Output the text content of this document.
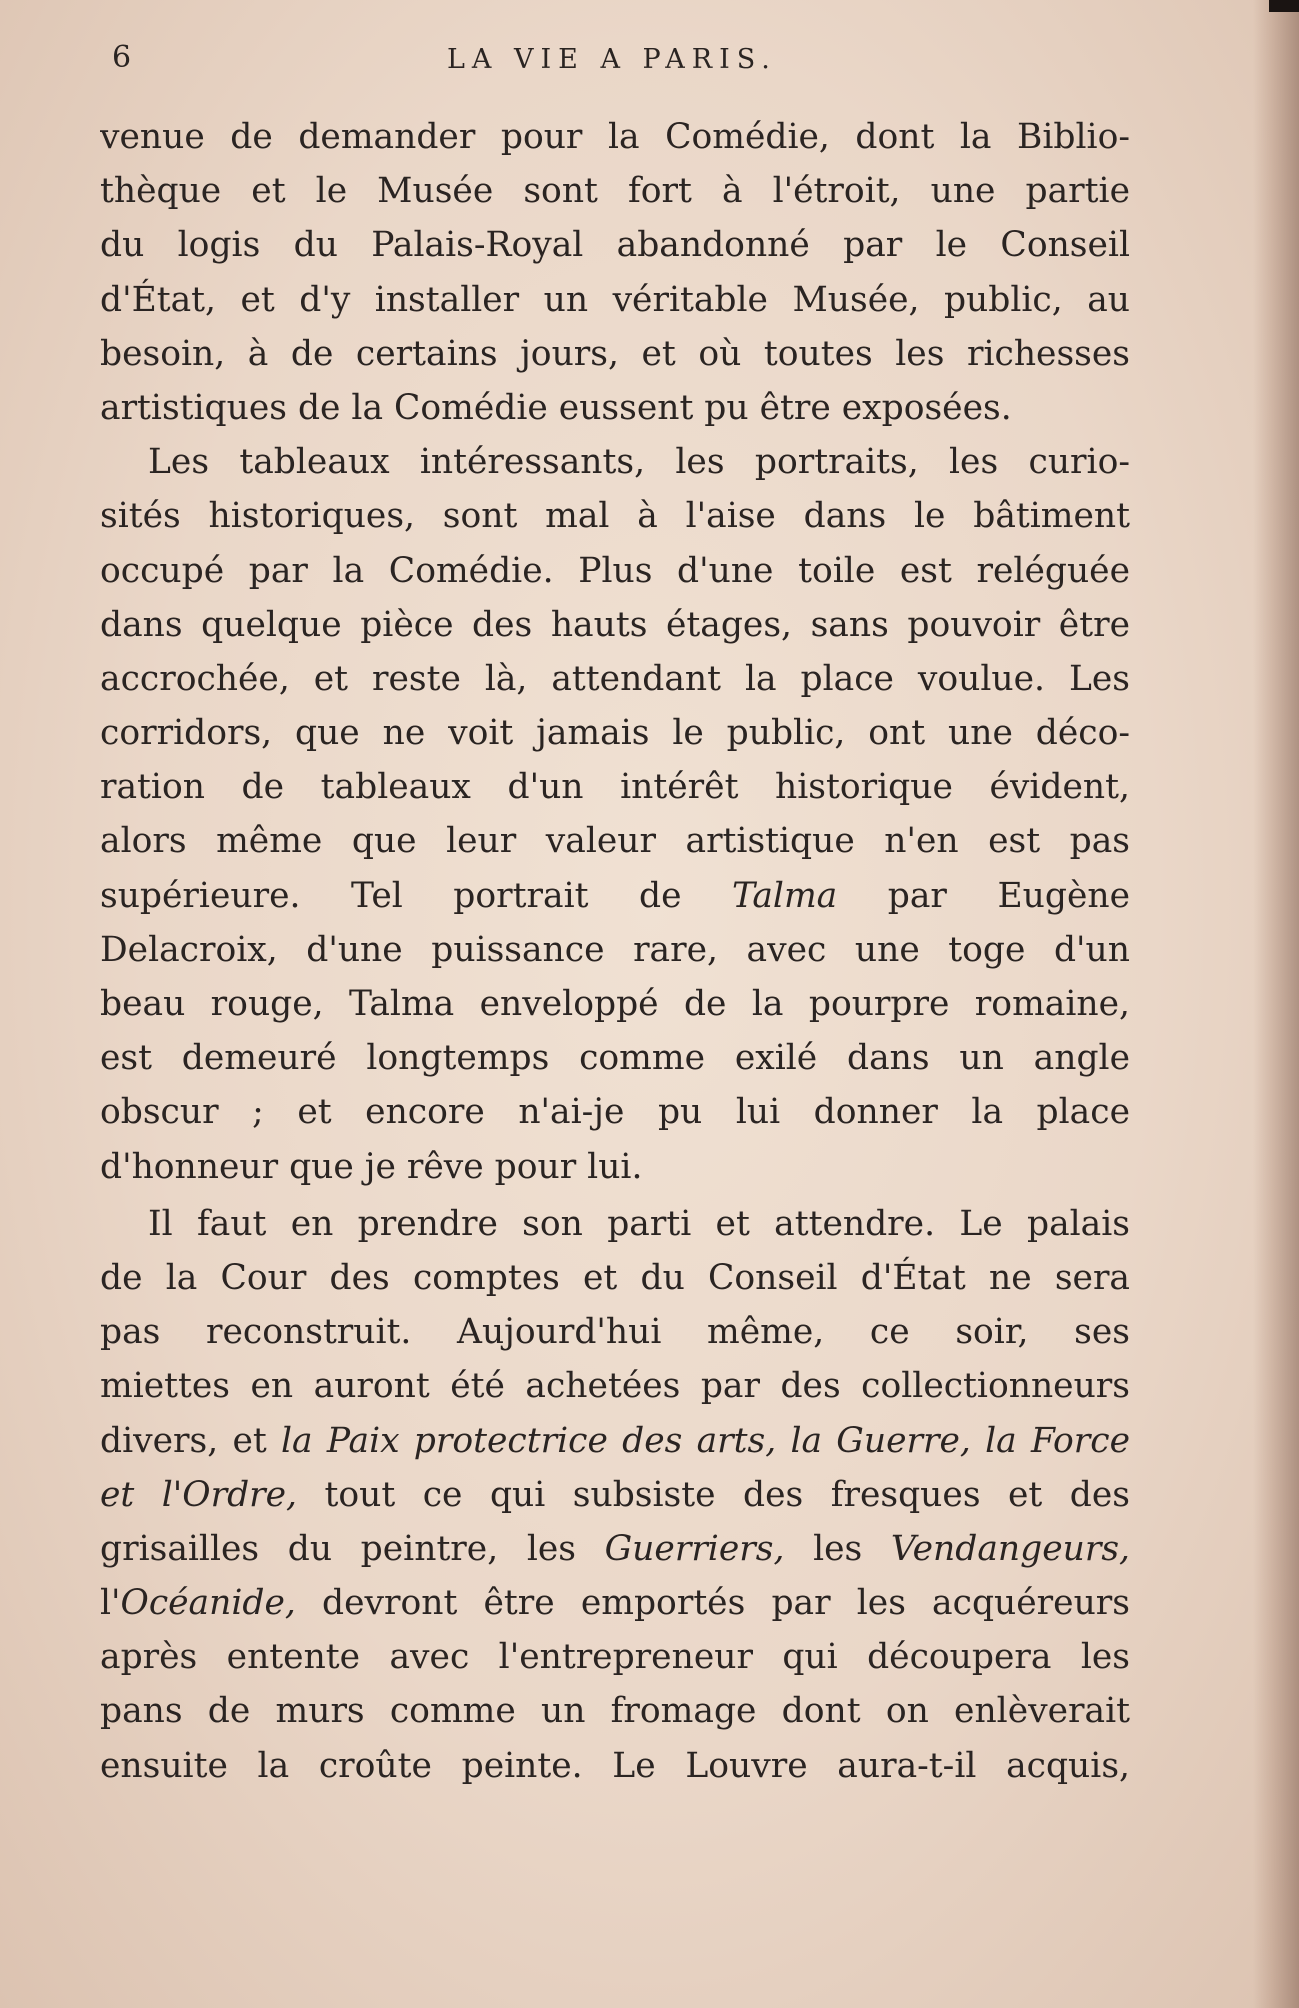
6	LA VIE A PARIS.
venue de demander pour la Comédie, dont la Biblio-
thèque et le Musée sont fort à l'étroit, une partie
du logis du Palais-Royal abandonné par le Conseil
d'État, et d'y installer un véritable Musée, public, au
besoin, à de certains jours, et où toutes les richesses
artistiques de la Comédie eussent pu être exposées.
Les tableaux intéressants, les portraits, les curio-
sités historiques, sont mal à l'aise dans le bâtiment
occupé par la Comédie. Plus d'une toile est reléguée
dans quelque pièce des hauts étages, sans pouvoir être
accrochée, et reste là, attendant la place voulue. Les
corridors, que ne voit jamais le public, ont une déco-
ration de tableaux d'un intérêt historique évident,
alors même que leur valeur artistique n'en est pas
supérieure. Tel portrait de Talma par Eugène
Delacroix, d'une puissance rare, avec une toge d'un
beau rouge, Talma enveloppé de la pourpre romaine,
est demeuré longtemps comme exilé dans un angle
obscur ; et encore n'ai-je pu lui donner la place
d'honneur que je rêve pour lui.
Il faut en prendre son parti et attendre. Le palais
de la Cour des comptes et du Conseil d'État ne sera
pas reconstruit. Aujourd'hui même, ce soir, ses
miettes en auront été achetées par des collectionneurs
divers, et la Paix protectrice des arts, la Guerre, la Force
et l'Ordre, tout ce qui subsiste des fresques et des
grisailles du peintre, les Guerriers, les Vendangeurs,
l'Océanide, devront être emportés par les acquéreurs
après entente avec l'entrepreneur qui découpera les
pans de murs comme un fromage dont on enlèverait
ensuite la croûte peinte. Le Louvre aura-t-il acquis,
